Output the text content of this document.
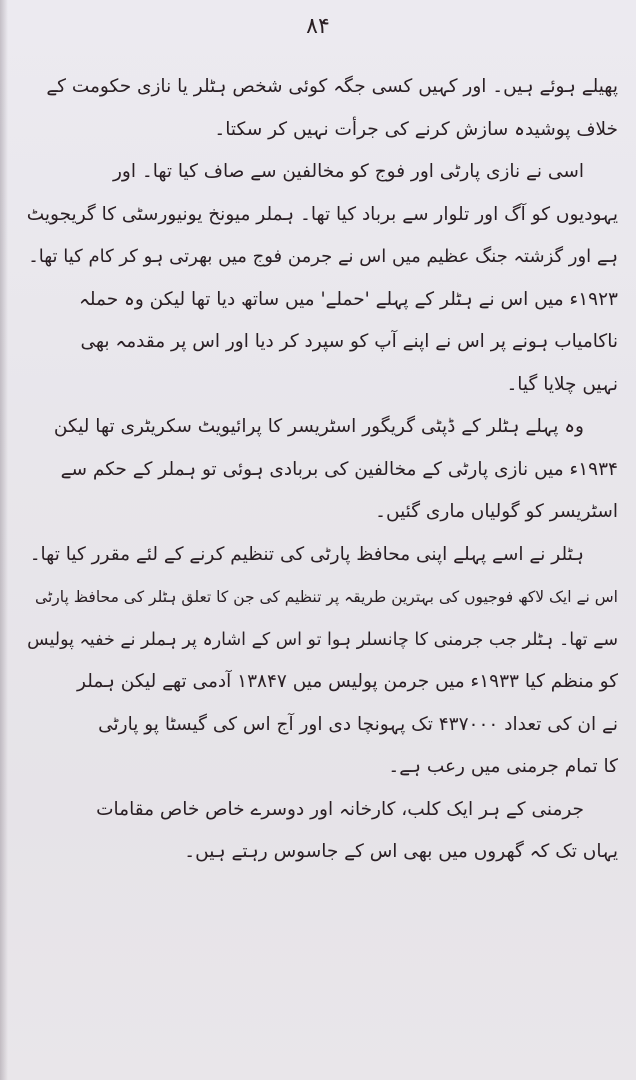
۸۴
پھیلے ہوئے ہیں۔ اور کہیں کسی جگہ کوئی شخص ہٹلر یا نازی حکومت کے
خلاف پوشیدہ سازش کرنے کی جرأت نہیں کر سکتا۔
اسی نے نازی پارٹی اور فوج کو مخالفین سے صاف کیا تھا۔ اور
یہودیوں کو آگ اور تلوار سے برباد کیا تھا۔ ہملر میونخ یونیورسٹی کا گریجویٹ
ہے اور گزشتہ جنگ عظیم میں اس نے جرمن فوج میں بھرتی ہو کر کام کیا تھا۔
۱۹۲۳ء میں اس نے ہٹلر کے پہلے 'حملے' میں ساتھ دیا تھا لیکن وہ حملہ
ناکامیاب ہونے پر اس نے اپنے آپ کو سپرد کر دیا اور اس پر مقدمہ بھی
نہیں چلایا گیا۔
وہ پہلے ہٹلر کے ڈپٹی گریگور اسٹریسر کا پرائیویٹ سکریٹری تھا لیکن
۱۹۳۴ء میں نازی پارٹی کے مخالفین کی بربادی ہوئی تو ہملر کے حکم سے
اسٹریسر کو گولیاں ماری گئیں۔
ہٹلر نے اسے پہلے اپنی محافظ پارٹی کی تنظیم کرنے کے لئے مقرر کیا تھا۔
اس نے ایک لاکھ فوجیوں کی بہترین طریقہ پر تنظیم کی جن کا تعلق ہٹلر کی محافظ پارٹی
سے تھا۔ ہٹلر جب جرمنی کا چانسلر ہوا تو اس کے اشارہ پر ہملر نے خفیہ پولیس
کو منظم کیا ۱۹۳۳ء میں جرمن پولیس میں ۱۳۸۴۷ آدمی تھے لیکن ہملر
نے ان کی تعداد ۴۳۷۰۰۰ تک پہونچا دی اور آج اس کی گیسٹا پو پارٹی
کا تمام جرمنی میں رعب ہے۔
جرمنی کے ہر ایک کلب، کارخانہ اور دوسرے خاص خاص مقامات
یہاں تک کہ گھروں میں بھی اس کے جاسوس رہتے ہیں۔
